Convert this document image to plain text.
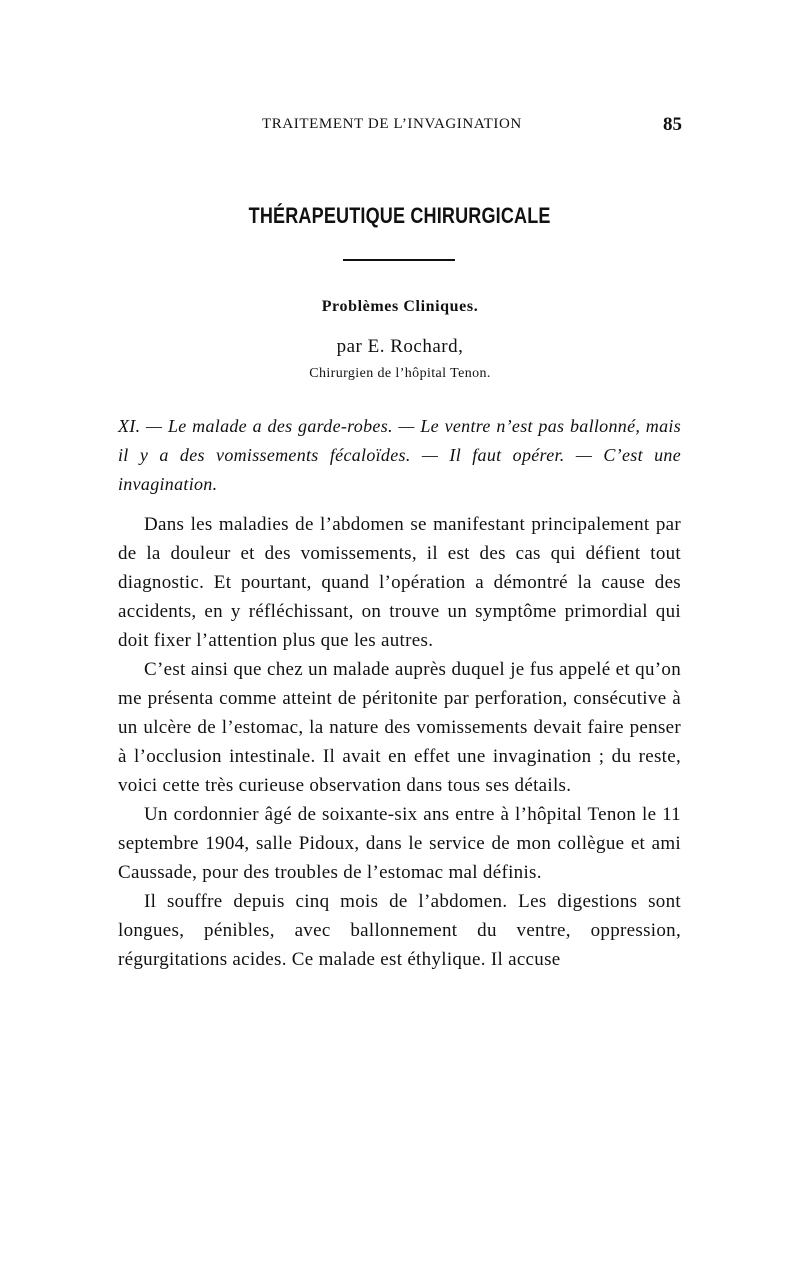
TRAITEMENT DE L’INVAGINATION	85
THÉRAPEUTIQUE CHIRURGICALE
Problèmes Cliniques.
par E. Rochard,
Chirurgien de l’hôpital Tenon.
XI. — Le malade a des garde-robes. — Le ventre n’est pas ballonné, mais il y a des vomissements fécaloïdes. — Il faut opérer. — C’est une invagination.

Dans les maladies de l’abdomen se manifestant principalement par de la douleur et des vomissements, il est des cas qui défient tout diagnostic. Et pourtant, quand l’opération a démontré la cause des accidents, en y réfléchissant, on trouve un symptôme primordial qui doit fixer l’attention plus que les autres.

C’est ainsi que chez un malade auprès duquel je fus appelé et qu’on me présenta comme atteint de péritonite par perforation, consécutive à un ulcère de l’estomac, la nature des vomissements devait faire penser à l’occlusion intestinale. Il avait en effet une invagination ; du reste, voici cette très curieuse observation dans tous ses détails.

Un cordonnier âgé de soixante-six ans entre à l’hôpital Tenon le 11 septembre 1904, salle Pidoux, dans le service de mon collègue et ami Caussade, pour des troubles de l’estomac mal définis.

Il souffre depuis cinq mois de l’abdomen. Les digestions sont longues, pénibles, avec ballonnement du ventre, oppression, régurgitations acides. Ce malade est éthylique. Il accuse
